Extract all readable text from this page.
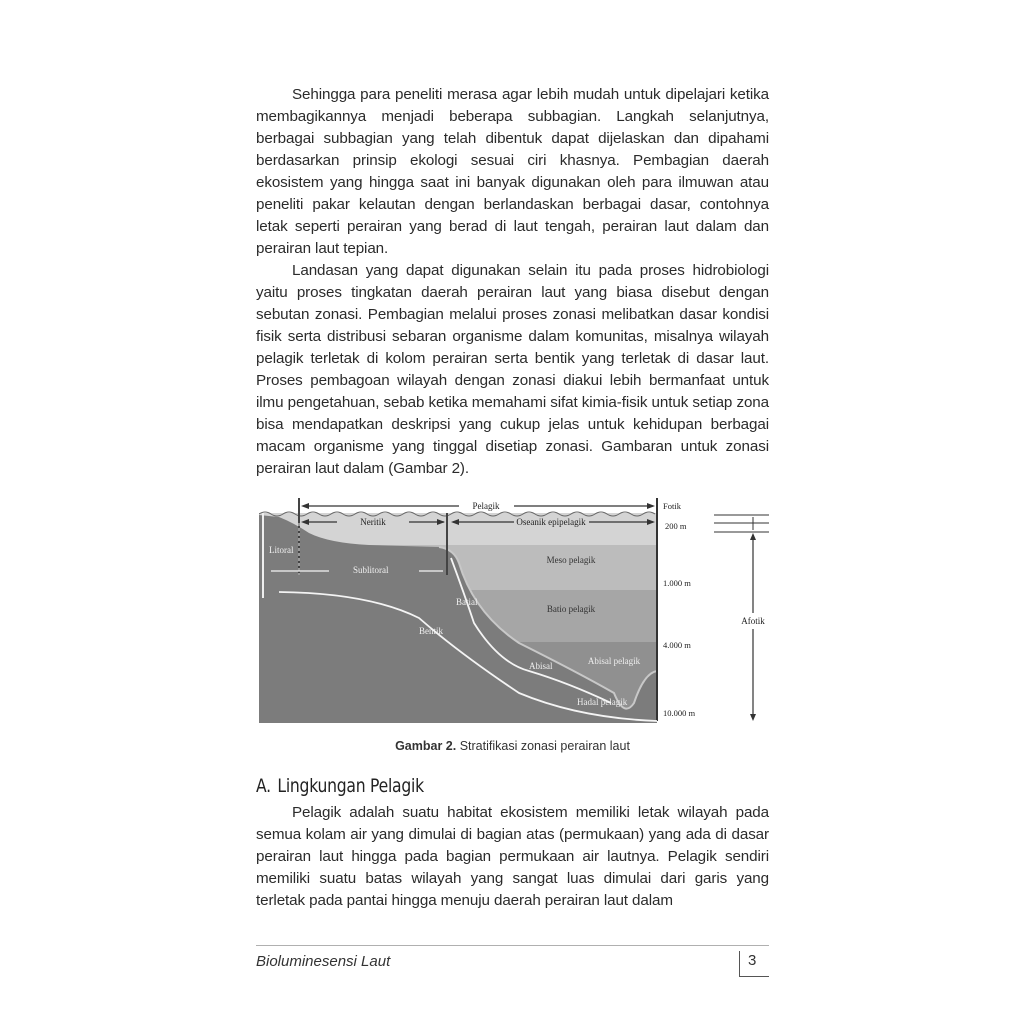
Sehingga para peneliti merasa agar lebih mudah untuk dipelajari ketika membagikannya menjadi beberapa subbagian. Langkah selanjutnya, berbagai subbagian yang telah dibentuk dapat dijelaskan dan dipahami berdasarkan prinsip ekologi sesuai ciri khasnya. Pembagian daerah ekosistem yang hingga saat ini banyak digunakan oleh para ilmuwan atau peneliti pakar kelautan dengan berlandaskan berbagai dasar, contohnya letak seperti perairan yang berad di laut tengah, perairan laut dalam dan perairan laut tepian.

Landasan yang dapat digunakan selain itu pada proses hidrobiologi yaitu proses tingkatan daerah perairan laut yang biasa disebut dengan sebutan zonasi. Pembagian melalui proses zonasi melibatkan dasar kondisi fisik serta distribusi sebaran organisme dalam komunitas, misalnya wilayah pelagik terletak di kolom perairan serta bentik yang terletak di dasar laut. Proses pembagoan wilayah dengan zonasi diakui lebih bermanfaat untuk ilmu pengetahuan, sebab ketika memahami sifat kimia-fisik untuk setiap zona bisa mendapatkan deskripsi yang cukup jelas untuk kehidupan berbagai macam organisme yang tinggal disetiap zonasi. Gambaran untuk zonasi perairan laut dalam (Gambar 2).

Pelagik
Neritik	Oseanik epipelagik
Litoral
Sublitoral
Meso pelagik
Batio pelagik
Batial
Bentik
Abisal	Abisal pelagik
Hadal pelagik
Fotik
200 m
1.000 m
4.000 m
10.000 m
Afotik
Gambar 2. Stratifikasi zonasi perairan laut
A. Lingkungan Pelagik

Pelagik adalah suatu habitat ekosistem memiliki letak wilayah pada semua kolam air yang dimulai di bagian atas (permukaan) yang ada di dasar perairan laut hingga pada bagian permukaan air lautnya. Pelagik sendiri memiliki suatu batas wilayah yang sangat luas dimulai dari garis yang terletak pada pantai hingga menuju daerah perairan laut dalam

Bioluminesensi Laut	3
